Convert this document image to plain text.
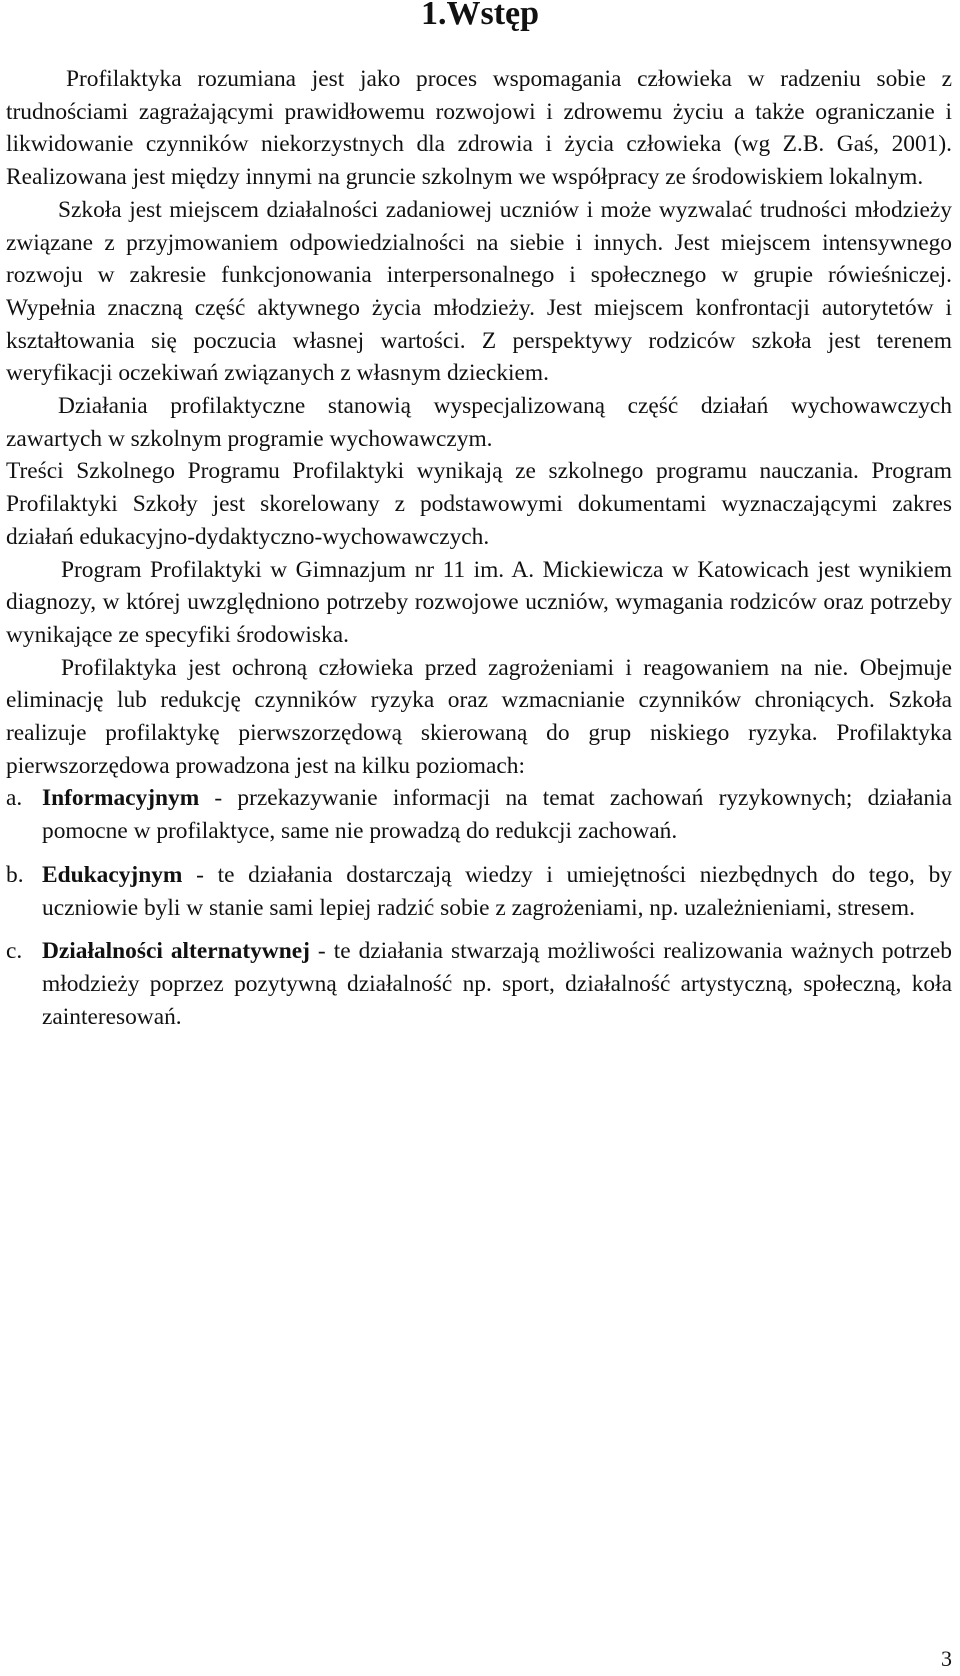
1.Wstęp

Profilaktyka rozumiana jest jako proces wspomagania człowieka w radzeniu sobie z trudnościami zagrażającymi prawidłowemu rozwojowi i zdrowemu życiu a także ograniczanie i likwidowanie czynników niekorzystnych dla zdrowia i życia człowieka (wg Z.B. Gaś, 2001). Realizowana jest między innymi na gruncie szkolnym we współpracy ze środowiskiem lokalnym.

Szkoła jest miejscem działalności zadaniowej uczniów i może wyzwalać trudności młodzieży związane z przyjmowaniem odpowiedzialności na siebie i innych. Jest miejscem intensywnego rozwoju w zakresie funkcjonowania interpersonalnego i społecznego w grupie rówieśniczej. Wypełnia znaczną część aktywnego życia młodzieży. Jest miejscem konfrontacji autorytetów i kształtowania się poczucia własnej wartości. Z perspektywy rodziców szkoła jest terenem weryfikacji oczekiwań związanych z własnym dzieckiem.

Działania profilaktyczne stanowią wyspecjalizowaną część działań wychowawczych zawartych w szkolnym programie wychowawczym.

Treści Szkolnego Programu Profilaktyki wynikają ze szkolnego programu nauczania. Program Profilaktyki Szkoły jest skorelowany z podstawowymi dokumentami wyznaczającymi zakres działań edukacyjno-dydaktyczno-wychowawczych.

Program Profilaktyki w Gimnazjum nr 11 im. A. Mickiewicza w Katowicach jest wynikiem diagnozy, w której uwzględniono potrzeby rozwojowe uczniów, wymagania rodziców oraz potrzeby wynikające ze specyfiki środowiska.

Profilaktyka jest ochroną człowieka przed zagrożeniami i reagowaniem na nie. Obejmuje eliminację lub redukcję czynników ryzyka oraz wzmacnianie czynników chroniących. Szkoła realizuje profilaktykę pierwszorzędową skierowaną do grup niskiego ryzyka. Profilaktyka pierwszorzędowa prowadzona jest na kilku poziomach:

a. Informacyjnym - przekazywanie informacji na temat zachowań ryzykownych; działania pomocne w profilaktyce, same nie prowadzą do redukcji zachowań.
b. Edukacyjnym - te działania dostarczają wiedzy i umiejętności niezbędnych do tego, by uczniowie byli w stanie sami lepiej radzić sobie z zagrożeniami, np. uzależnieniami, stresem.
c. Działalności alternatywnej - te działania stwarzają możliwości realizowania ważnych potrzeb młodzieży poprzez pozytywną działalność np. sport, działalność artystyczną, społeczną, koła zainteresowań.
3
